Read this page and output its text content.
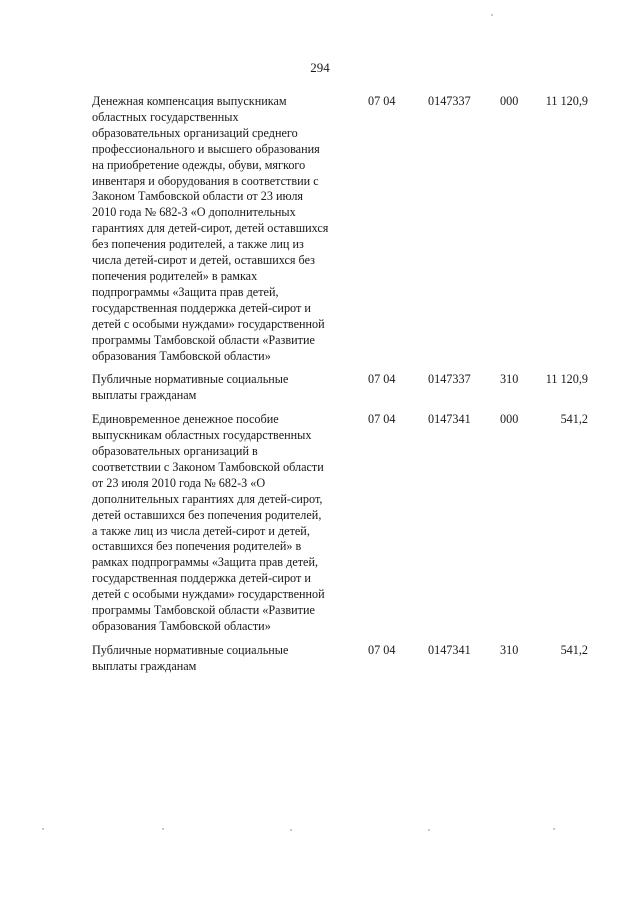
294
Денежная компенсация выпускникам
областных государственных
образовательных организаций среднего
профессионального и высшего образования
на приобретение одежды, обуви, мягкого
инвентаря и оборудования в соответствии с
Законом Тамбовской области от 23 июля
2010 года № 682-З «О дополнительных
гарантиях для детей-сирот, детей оставшихся
без попечения родителей, а также лиц из
числа детей-сирот и детей, оставшихся без
попечения родителей» в рамках
подпрограммы «Защита прав детей,
государственная поддержка детей-сирот и
детей с особыми нуждами» государственной
программы Тамбовской области «Развитие
образования Тамбовской области»
07 04	0147337	000	11 120,9
Публичные нормативные социальные
выплаты гражданам
07 04	0147337	310	11 120,9
Единовременное денежное пособие
выпускникам областных государственных
образовательных организаций в
соответствии с Законом Тамбовской области
от 23 июля 2010 года № 682-З «О
дополнительных гарантиях для детей-сирот,
детей оставшихся без попечения родителей,
а также лиц из числа детей-сирот и детей,
оставшихся без попечения родителей» в
рамках подпрограммы «Защита прав детей,
государственная поддержка детей-сирот и
детей с особыми нуждами» государственной
программы Тамбовской области «Развитие
образования Тамбовской области»
07 04	0147341	000	541,2
Публичные нормативные социальные
выплаты гражданам
07 04	0147341	310	541,2
